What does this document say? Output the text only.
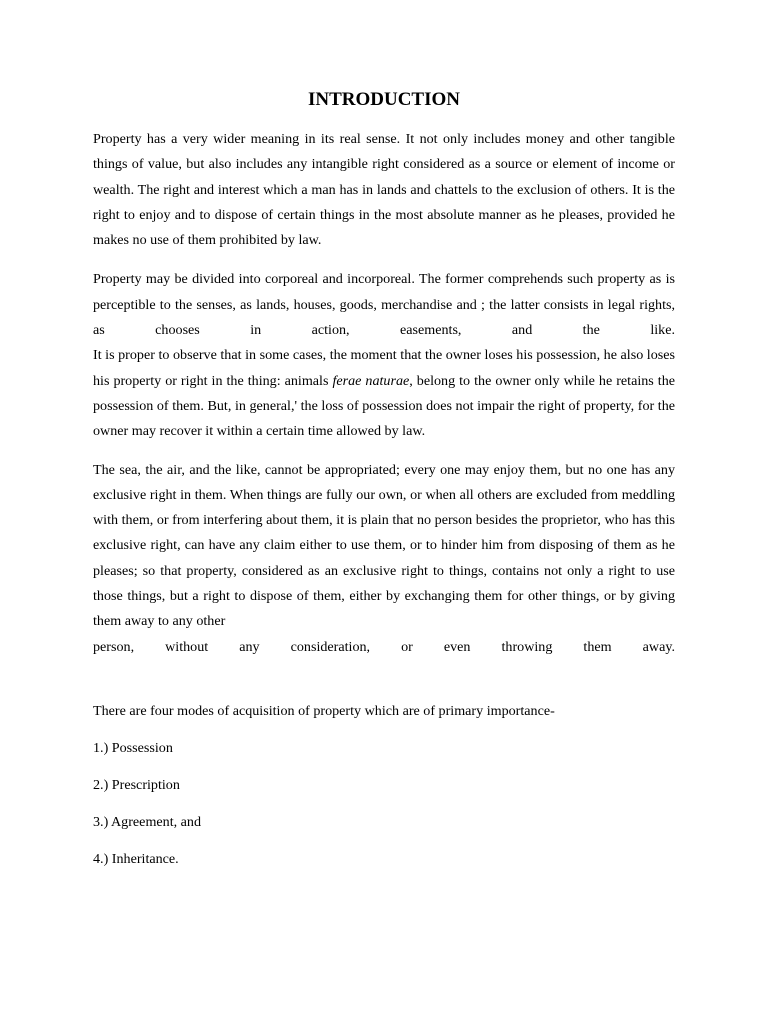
INTRODUCTION

Property has a very wider meaning in its real sense. It not only includes money and other tangible things of value, but also includes any intangible right considered as a source or element of income or wealth. The right and interest which a man has in lands and chattels to the exclusion of others. It is the right to enjoy and to dispose of certain things in the most absolute manner as he pleases, provided he makes no use of them prohibited by law.

Property may be divided into corporeal and incorporeal. The former comprehends such property as is perceptible to the senses, as lands, houses, goods, merchandise and ; the latter consists in legal rights, as chooses in action, easements, and the like.
It is proper to observe that in some cases, the moment that the owner loses his possession, he also loses his property or right in the thing: animals ferae naturae, belong to the owner only while he retains the possession of them. But, in general,' the loss of possession does not impair the right of property, for the owner may recover it within a certain time allowed by law.

The sea, the air, and the like, cannot be appropriated; every one may enjoy them, but no one has any exclusive right in them. When things are fully our own, or when all others are excluded from meddling with them, or from interfering about them, it is plain that no person besides the proprietor, who has this exclusive right, can have any claim either to use them, or to hinder him from disposing of them as he pleases; so that property, considered as an exclusive right to things, contains not only a right to use those things, but a right to dispose of them, either by exchanging them for other things, or by giving them away to any other
person, without any consideration, or even throwing them away.

There are four modes of acquisition of property which are of primary importance-

1.) Possession

2.) Prescription

3.) Agreement, and

4.) Inheritance.
